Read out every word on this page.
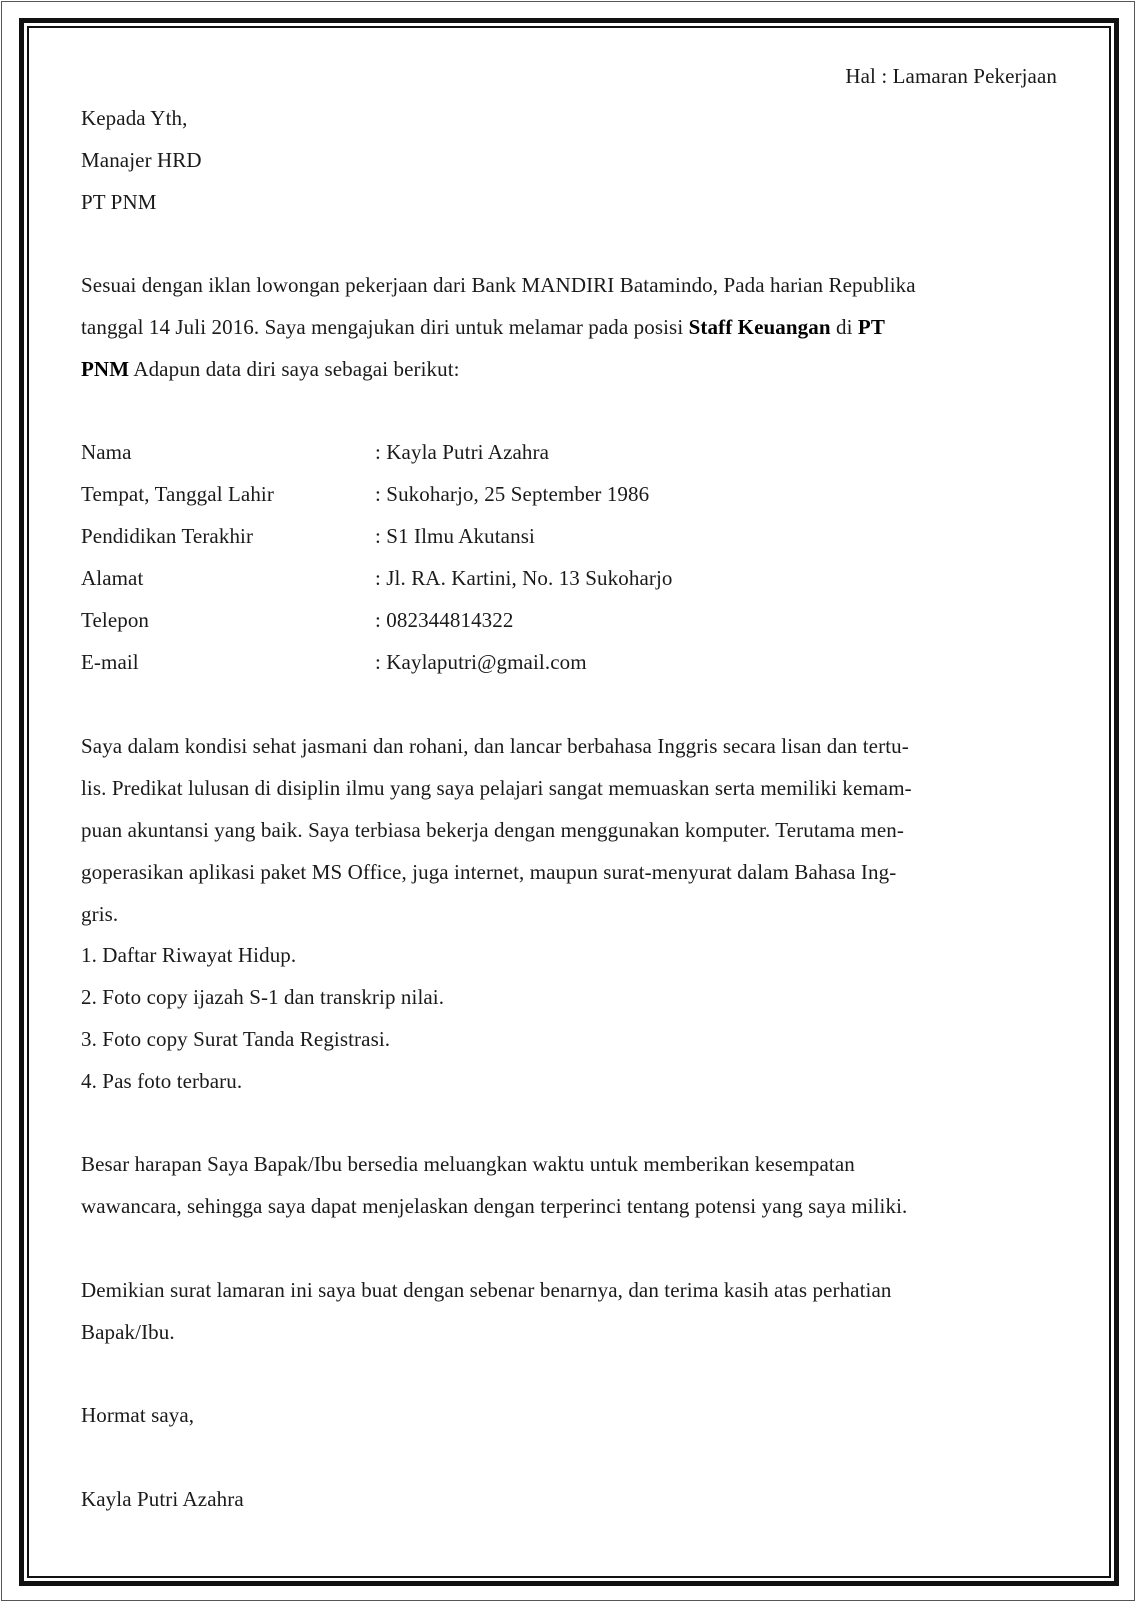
Hal : Lamaran Pekerjaan
Kepada Yth,
Manajer HRD
PT PNM
Sesuai dengan iklan lowongan pekerjaan dari Bank MANDIRI Batamindo, Pada harian Republika
tanggal 14 Juli 2016. Saya mengajukan diri untuk melamar pada posisi Staff Keuangan di PT
PNM Adapun data diri saya sebagai berikut:
Nama	: Kayla Putri Azahra
Tempat, Tanggal Lahir	: Sukoharjo, 25 September 1986
Pendidikan Terakhir	: S1 Ilmu Akutansi
Alamat	: Jl. RA. Kartini, No. 13 Sukoharjo
Telepon	: 082344814322
E-mail	: Kaylaputri@gmail.com
Saya dalam kondisi sehat jasmani dan rohani, dan lancar berbahasa Inggris secara lisan dan tertu-
lis. Predikat lulusan di disiplin ilmu yang saya pelajari sangat memuaskan serta memiliki kemam-
puan akuntansi yang baik. Saya terbiasa bekerja dengan menggunakan komputer. Terutama men-
goperasikan aplikasi paket MS Office, juga internet, maupun surat-menyurat dalam Bahasa Ing-
gris.
1. Daftar Riwayat Hidup.
2. Foto copy ijazah S-1 dan transkrip nilai.
3. Foto copy Surat Tanda Registrasi.
4. Pas foto terbaru.
Besar harapan Saya Bapak/Ibu bersedia meluangkan waktu untuk memberikan kesempatan
wawancara, sehingga saya dapat menjelaskan dengan terperinci tentang potensi yang saya miliki.
Demikian surat lamaran ini saya buat dengan sebenar benarnya, dan terima kasih atas perhatian
Bapak/Ibu.
Hormat saya,
Kayla Putri Azahra
